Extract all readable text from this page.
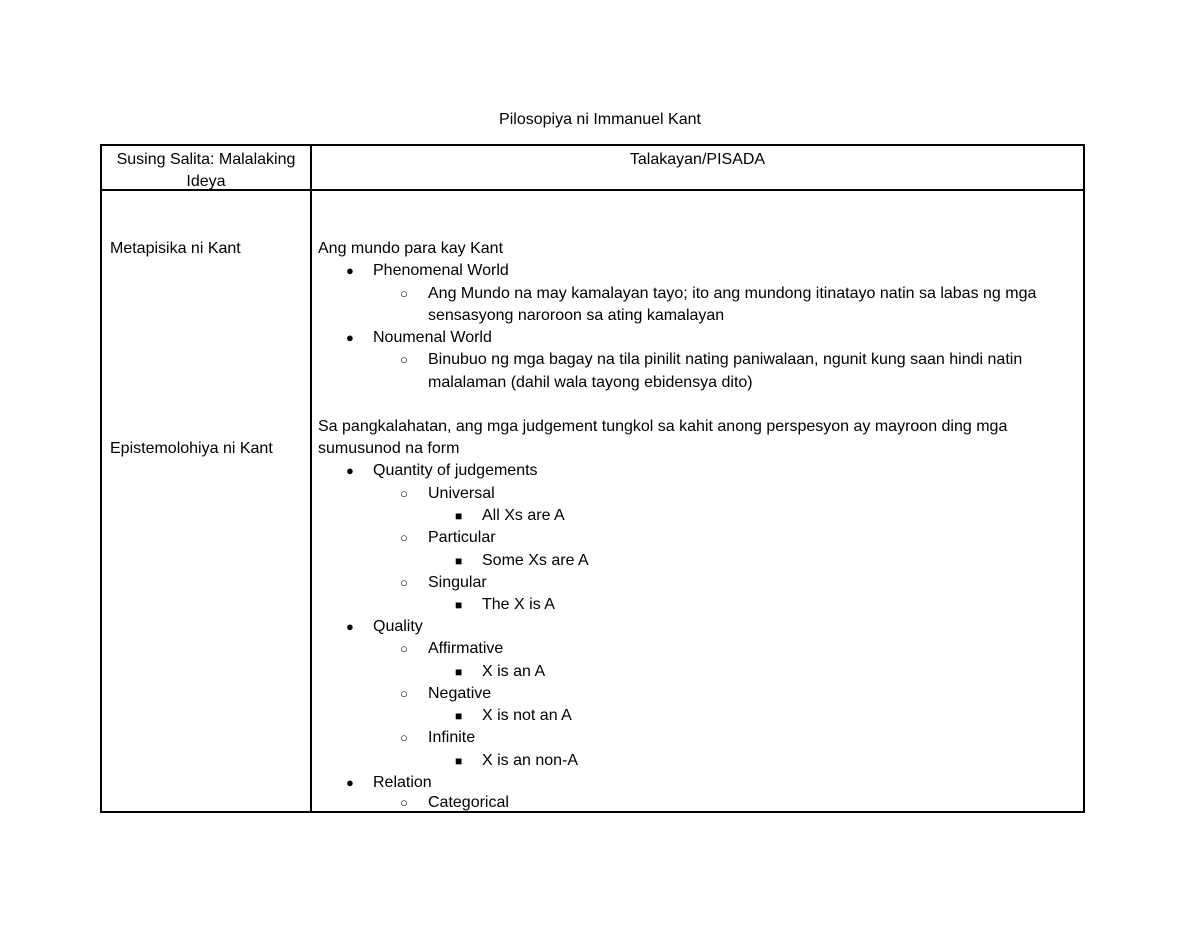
Pilosopiya ni Immanuel Kant
Susing Salita: Malalaking
Ideya
Talakayan/PISADA
Metapisika ni Kant
Epistemolohiya ni Kant
Ang mundo para kay Kant
● Phenomenal World
○ Ang Mundo na may kamalayan tayo; ito ang mundong itinatayo natin sa labas ng mga
sensasyong naroroon sa ating kamalayan
● Noumenal World
○ Binubuo ng mga bagay na tila pinilit nating paniwalaan, ngunit kung saan hindi natin
malalaman (dahil wala tayong ebidensya dito)
Sa pangkalahatan, ang mga judgement tungkol sa kahit anong perspesyon ay mayroon ding mga
sumusunod na form
● Quantity of judgements
○ Universal
■ All Xs are A
○ Particular
■ Some Xs are A
○ Singular
■ The X is A
● Quality
○ Affirmative
■ X is an A
○ Negative
■ X is not an A
○ Infinite
■ X is an non-A
● Relation
○ Categorical
